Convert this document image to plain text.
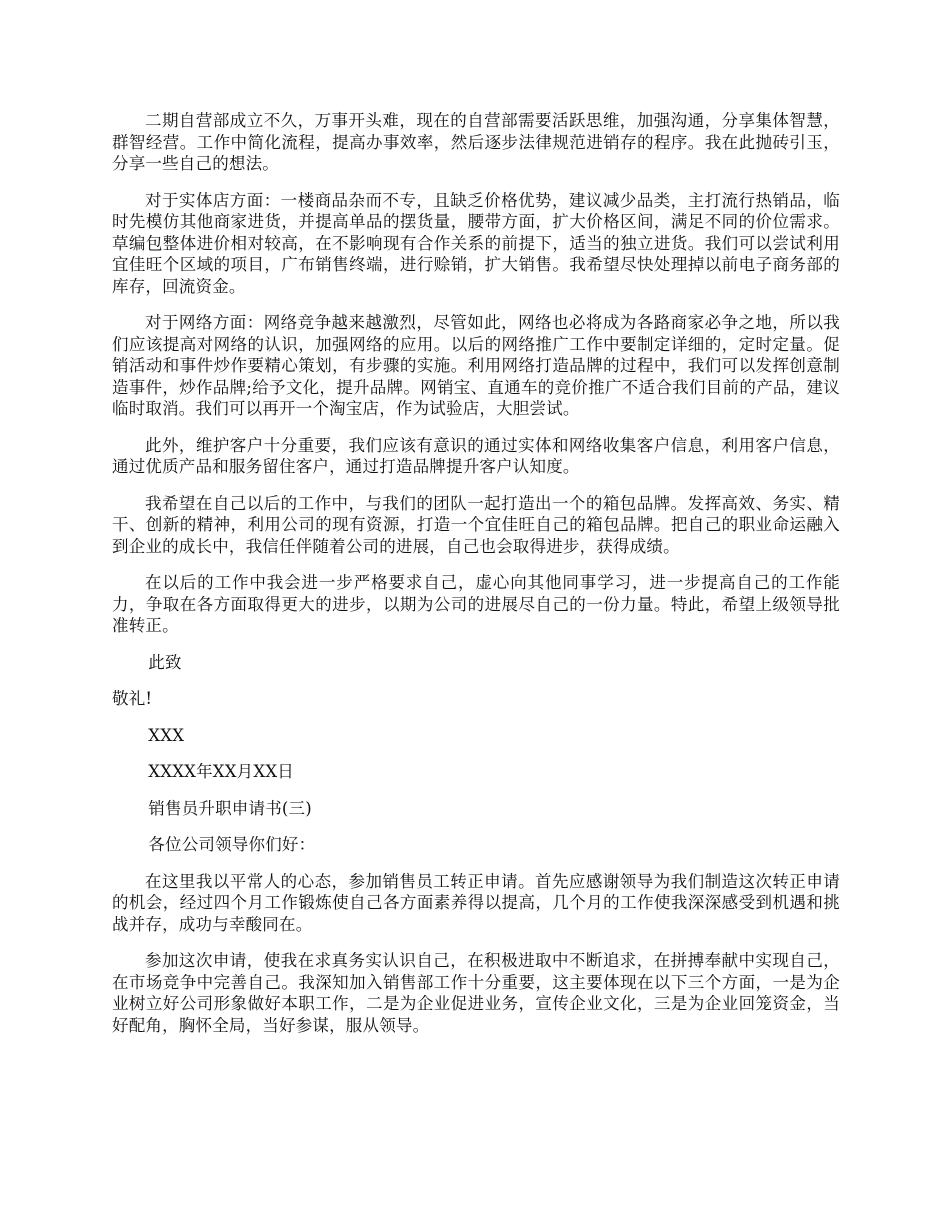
二期自营部成立不久，万事开头难，现在的自营部需要活跃思维，加强沟通，分享集体智慧，群智经营。工作中简化流程，提高办事效率，然后逐步法律规范进销存的程序。我在此抛砖引玉，分享一些自己的想法。

对于实体店方面：一楼商品杂而不专，且缺乏价格优势，建议减少品类，主打流行热销品，临时先模仿其他商家进货，并提高单品的摆货量，腰带方面，扩大价格区间，满足不同的价位需求。草编包整体进价相对较高，在不影响现有合作关系的前提下，适当的独立进货。我们可以尝试利用宜佳旺个区域的项目，广布销售终端，进行赊销，扩大销售。我希望尽快处理掉以前电子商务部的库存，回流资金。

对于网络方面：网络竞争越来越激烈，尽管如此，网络也必将成为各路商家必争之地，所以我们应该提高对网络的认识，加强网络的应用。以后的网络推广工作中要制定详细的，定时定量。促销活动和事件炒作要精心策划，有步骤的实施。利用网络打造品牌的过程中，我们可以发挥创意制造事件，炒作品牌;给予文化，提升品牌。网销宝、直通车的竞价推广不适合我们目前的产品，建议临时取消。我们可以再开一个淘宝店，作为试验店，大胆尝试。

此外，维护客户十分重要，我们应该有意识的通过实体和网络收集客户信息，利用客户信息，通过优质产品和服务留住客户，通过打造品牌提升客户认知度。

我希望在自己以后的工作中，与我们的团队一起打造出一个的箱包品牌。发挥高效、务实、精干、创新的精神，利用公司的现有资源，打造一个宜佳旺自己的箱包品牌。把自己的职业命运融入到企业的成长中，我信任伴随着公司的进展，自己也会取得进步，获得成绩。

在以后的工作中我会进一步严格要求自己，虚心向其他同事学习，进一步提高自己的工作能力，争取在各方面取得更大的进步，以期为公司的进展尽自己的一份力量。特此，希望上级领导批准转正。

此致

敬礼!

XXX

XXXX年XX月XX日

销售员升职申请书(三)

各位公司领导你们好：

在这里我以平常人的心态，参加销售员工转正申请。首先应感谢领导为我们制造这次转正申请的机会，经过四个月工作锻炼使自己各方面素养得以提高，几个月的工作使我深深感受到机遇和挑战并存，成功与幸酸同在。

参加这次申请，使我在求真务实认识自己，在积极进取中不断追求，在拼搏奉献中实现自己，在市场竞争中完善自己。我深知加入销售部工作十分重要，这主要体现在以下三个方面，一是为企业树立好公司形象做好本职工作，二是为企业促进业务，宣传企业文化，三是为企业回笼资金，当好配角，胸怀全局，当好参谋，服从领导。
